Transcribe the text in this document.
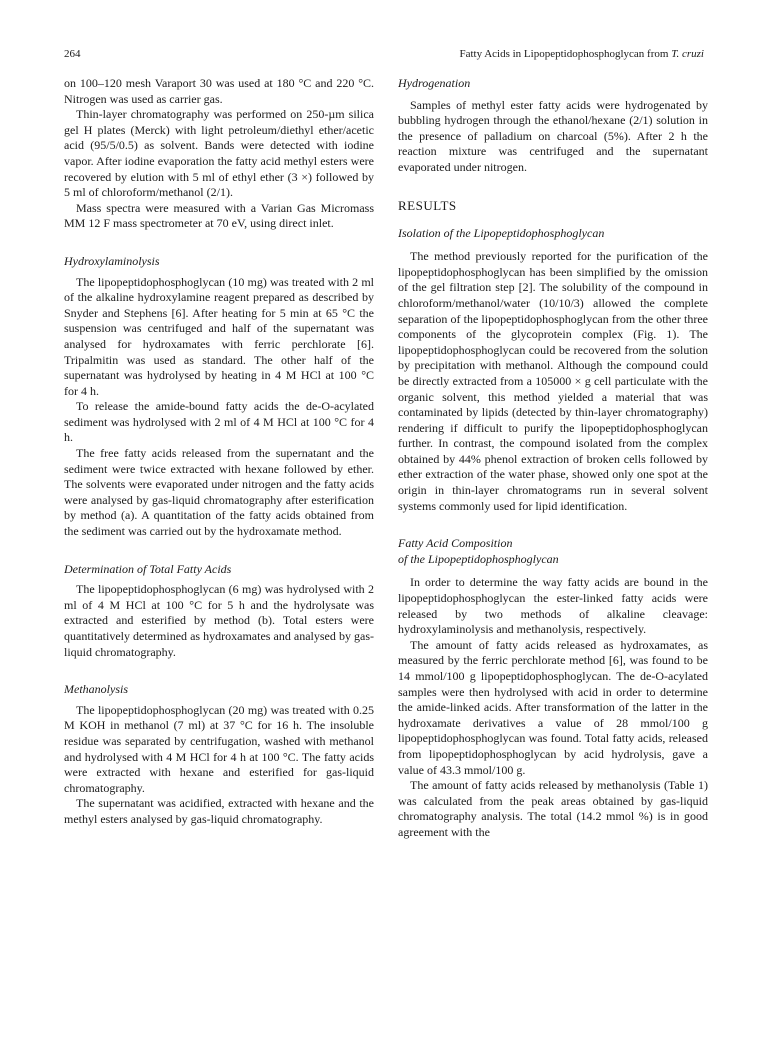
264	Fatty Acids in Lipopeptidophosphoglycan from T. cruzi

on 100–120 mesh Varaport 30 was used at 180 °C and 220 °C. Nitrogen was used as carrier gas.

Thin-layer chromatography was performed on 250-µm silica gel H plates (Merck) with light petroleum/diethyl ether/acetic acid (95/5/0.5) as solvent. Bands were detected with iodine vapor. After iodine evaporation the fatty acid methyl esters were recovered by elution with 5 ml of ethyl ether (3 ×) followed by 5 ml of chloroform/methanol (2/1).

Mass spectra were measured with a Varian Gas Micromass MM 12 F mass spectrometer at 70 eV, using direct inlet.

Hydroxylaminolysis

The lipopeptidophosphoglycan (10 mg) was treated with 2 ml of the alkaline hydroxylamine reagent prepared as described by Snyder and Stephens [6]. After heating for 5 min at 65 °C the suspension was centrifuged and half of the supernatant was analysed for hydroxamates with ferric perchlorate [6]. Tripalmitin was used as standard. The other half of the supernatant was hydrolysed by heating in 4 M HCl at 100 °C for 4 h.

To release the amide-bound fatty acids the de-O-acylated sediment was hydrolysed with 2 ml of 4 M HCl at 100 °C for 4 h.

The free fatty acids released from the supernatant and the sediment were twice extracted with hexane followed by ether. The solvents were evaporated under nitrogen and the fatty acids were analysed by gas-liquid chromatography after esterification by method (a). A quantitation of the fatty acids obtained from the sediment was carried out by the hydroxamate method.

Determination of Total Fatty Acids

The lipopeptidophosphoglycan (6 mg) was hydrolysed with 2 ml of 4 M HCl at 100 °C for 5 h and the hydrolysate was extracted and esterified by method (b). Total esters were quantitatively determined as hydroxamates and analysed by gas-liquid chromatography.

Methanolysis

The lipopeptidophosphoglycan (20 mg) was treated with 0.25 M KOH in methanol (7 ml) at 37 °C for 16 h. The insoluble residue was separated by centrifugation, washed with methanol and hydrolysed with 4 M HCl for 4 h at 100 °C. The fatty acids were extracted with hexane and esterified for gas-liquid chromatography.

The supernatant was acidified, extracted with hexane and the methyl esters analysed by gas-liquid chromatography.

Hydrogenation

Samples of methyl ester fatty acids were hydrogenated by bubbling hydrogen through the ethanol/hexane (2/1) solution in the presence of palladium on charcoal (5%). After 2 h the reaction mixture was centrifuged and the supernatant evaporated under nitrogen.

RESULTS

Isolation of the Lipopeptidophosphoglycan

The method previously reported for the purification of the lipopeptidophosphoglycan has been simplified by the omission of the gel filtration step [2]. The solubility of the compound in chloroform/methanol/water (10/10/3) allowed the complete separation of the lipopeptidophosphoglycan from the other three components of the glycoprotein complex (Fig. 1). The lipopeptidophosphoglycan could be recovered from the solution by precipitation with methanol. Although the compound could be directly extracted from a 105000 × g cell particulate with the organic solvent, this method yielded a material that was contaminated by lipids (detected by thin-layer chromatography) rendering if difficult to purify the lipopeptidophosphoglycan further. In contrast, the compound isolated from the complex obtained by 44% phenol extraction of broken cells followed by ether extraction of the water phase, showed only one spot at the origin in thin-layer chromatograms run in several solvent systems commonly used for lipid identification.

Fatty Acid Composition

of the Lipopeptidophosphoglycan

In order to determine the way fatty acids are bound in the lipopeptidophosphoglycan the ester-linked fatty acids were released by two methods of alkaline cleavage: hydroxylaminolysis and methanolysis, respectively.

The amount of fatty acids released as hydroxamates, as measured by the ferric perchlorate method [6], was found to be 14 mmol/100 g lipopeptidophosphoglycan. The de-O-acylated samples were then hydrolysed with acid in order to determine the amide-linked acids. After transformation of the latter in the hydroxamate derivatives a value of 28 mmol/100 g lipopeptidophosphoglycan was found. Total fatty acids, released from lipopeptidophosphoglycan by acid hydrolysis, gave a value of 43.3 mmol/100 g.

The amount of fatty acids released by methanolysis (Table 1) was calculated from the peak areas obtained by gas-liquid chromatography analysis. The total (14.2 mmol %) is in good agreement with the
